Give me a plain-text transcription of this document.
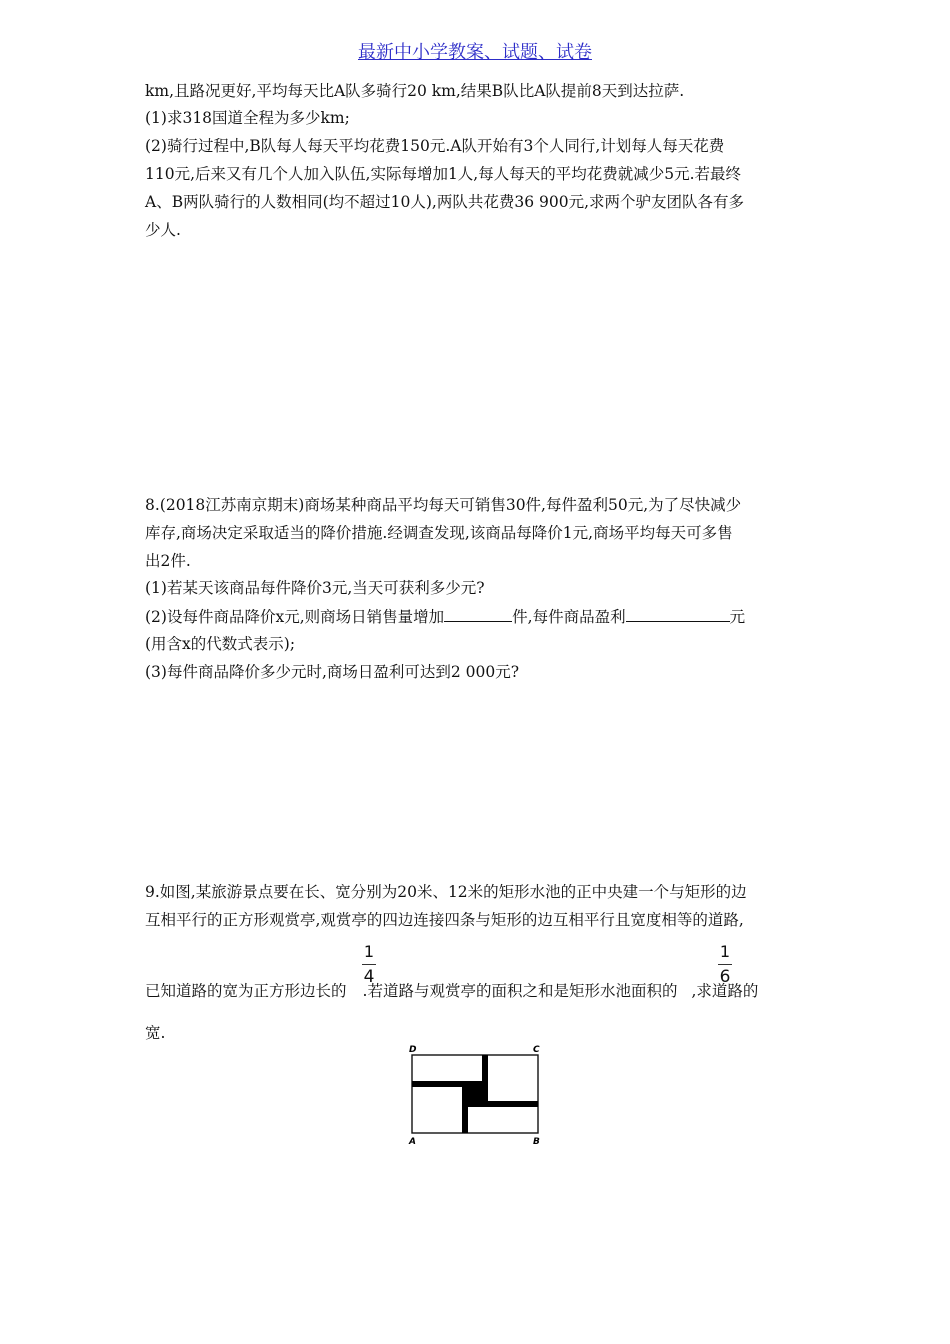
最新中小学教案、试题、试卷
km,且路况更好,平均每天比A队多骑行20 km,结果B队比A队提前8天到达拉萨.
(1)求318国道全程为多少km;
(2)骑行过程中,B队每人每天平均花费150元.A队开始有3个人同行,计划每人每天花费
110元,后来又有几个人加入队伍,实际每增加1人,每人每天的平均花费就减少5元.若最终
A、B两队骑行的人数相同(均不超过10人),两队共花费36 900元,求两个驴友团队各有多
少人.
8.(2018江苏南京期末)商场某种商品平均每天可销售30件,每件盈利50元,为了尽快减少
库存,商场决定采取适当的降价措施.经调查发现,该商品每降价1元,商场平均每天可多售
出2件.
(1)若某天该商品每件降价3元,当天可获利多少元?
(2)设每件商品降价x元,则商场日销售量增加	件,每件商品盈利	元
(用含x的代数式表示);
(3)每件商品降价多少元时,商场日盈利可达到2 000元?
9.如图,某旅游景点要在长、宽分别为20米、12米的矩形水池的正中央建一个与矩形的边
互相平行的正方形观赏亭,观赏亭的四边连接四条与矩形的边互相平行且宽度相等的道路,
1
4
1
6
已知道路的宽为正方形边长的 .若道路与观赏亭的面积之和是矩形水池面积的 ,求道路的
宽.
D	C
A	B
